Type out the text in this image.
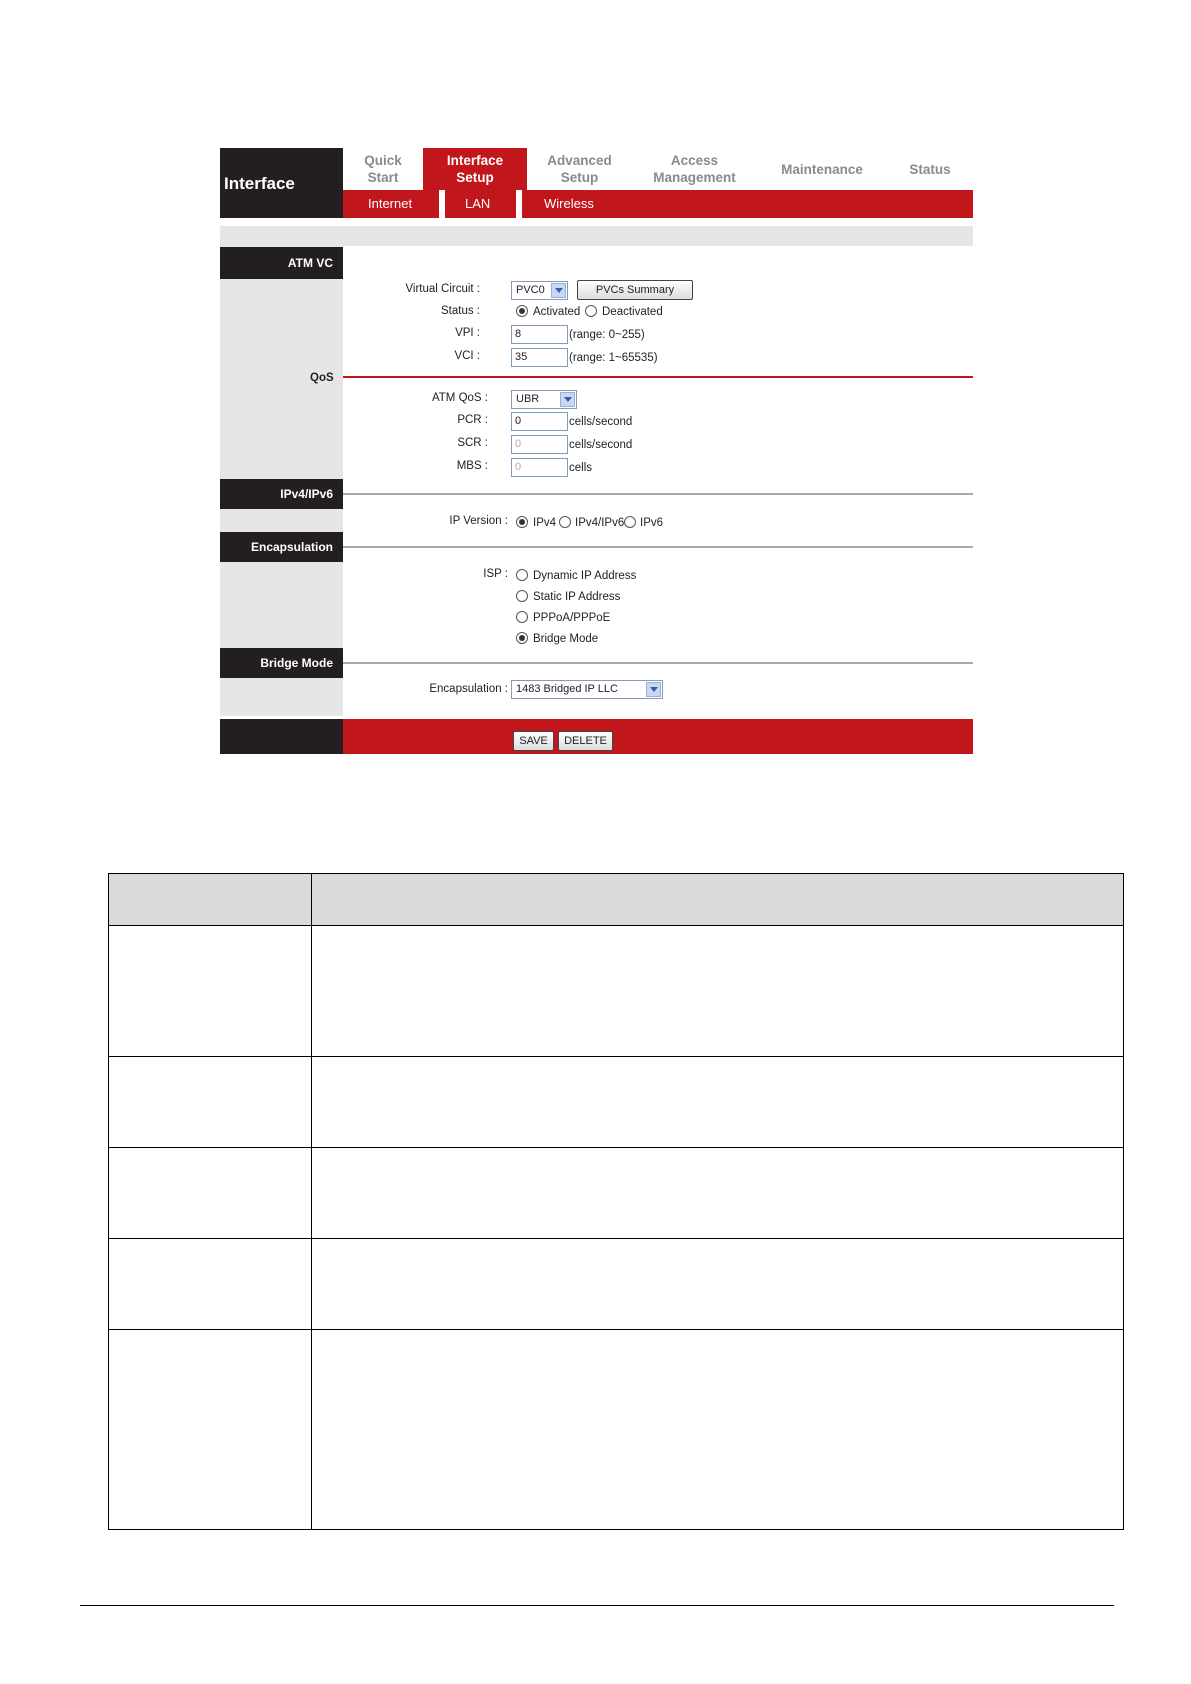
Interface
Quick
Start
Interface
Setup
Advanced
Setup
Access
Management
Maintenance	Status
Internet	LAN	Wireless
ATM VC
Virtual Circuit :	PVC0	PVCs Summary
Status :	Activated Deactivated
VPI :	8	(range: 0~255)
VCI :	35	(range: 1~65535)
QoS
ATM QoS :	UBR
PCR :	0	cells/second
SCR :	0	cells/second
MBS :	0	cells
IPv4/IPv6
IP Version : IPv4 IPv4/IPv6 IPv6
Encapsulation
ISP : Dynamic IP Address
Static IP Address
PPPoA/PPPoE
Bridge Mode
Bridge Mode
Encapsulation : 1483 Bridged IP LLC
SAVE	DELETE
